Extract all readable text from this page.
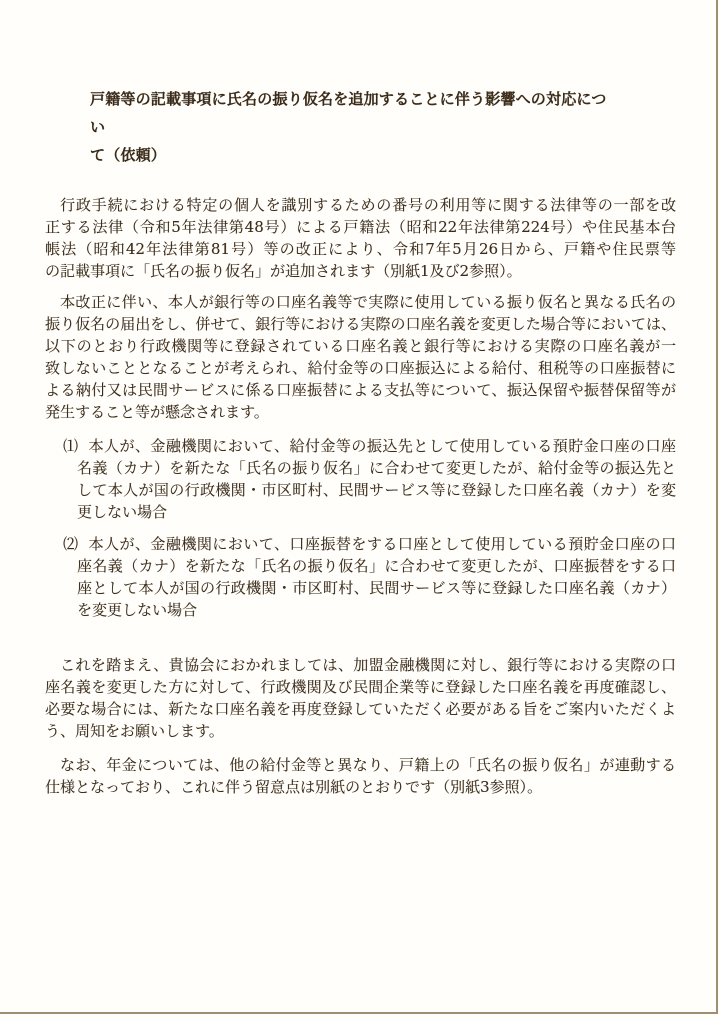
戸籍等の記載事項に氏名の振り仮名を追加することに伴う影響への対応につい
て（依頼）
行政手続における特定の個人を識別するための番号の利用等に関する法律等の一部を改
正する法律（令和5年法律第48号）による戸籍法（昭和22年法律第224号）や住民基本台
帳法（昭和42年法律第81号）等の改正により、令和7年5月26日から、戸籍や住民票等
の記載事項に「氏名の振り仮名」が追加されます（別紙1及び2参照）。
本改正に伴い、本人が銀行等の口座名義等で実際に使用している振り仮名と異なる氏名の
振り仮名の届出をし、併せて、銀行等における実際の口座名義を変更した場合等においては、
以下のとおり行政機関等に登録されている口座名義と銀行等における実際の口座名義が一
致しないこととなることが考えられ、給付金等の口座振込による給付、租税等の口座振替に
よる納付又は民間サービスに係る口座振替による支払等について、振込保留や振替保留等が
発生すること等が懸念されます。
⑴ 本人が、金融機関において、給付金等の振込先として使用している預貯金口座の口座
名義（カナ）を新たな「氏名の振り仮名」に合わせて変更したが、給付金等の振込先と
して本人が国の行政機関・市区町村、民間サービス等に登録した口座名義（カナ）を変
更しない場合
⑵ 本人が、金融機関において、口座振替をする口座として使用している預貯金口座の口
座名義（カナ）を新たな「氏名の振り仮名」に合わせて変更したが、口座振替をする口
座として本人が国の行政機関・市区町村、民間サービス等に登録した口座名義（カナ）
を変更しない場合
これを踏まえ、貴協会におかれましては、加盟金融機関に対し、銀行等における実際の口
座名義を変更した方に対して、行政機関及び民間企業等に登録した口座名義を再度確認し、
必要な場合には、新たな口座名義を再度登録していただく必要がある旨をご案内いただくよ
う、周知をお願いします。
なお、年金については、他の給付金等と異なり、戸籍上の「氏名の振り仮名」が連動する
仕様となっており、これに伴う留意点は別紙のとおりです（別紙3参照）。
